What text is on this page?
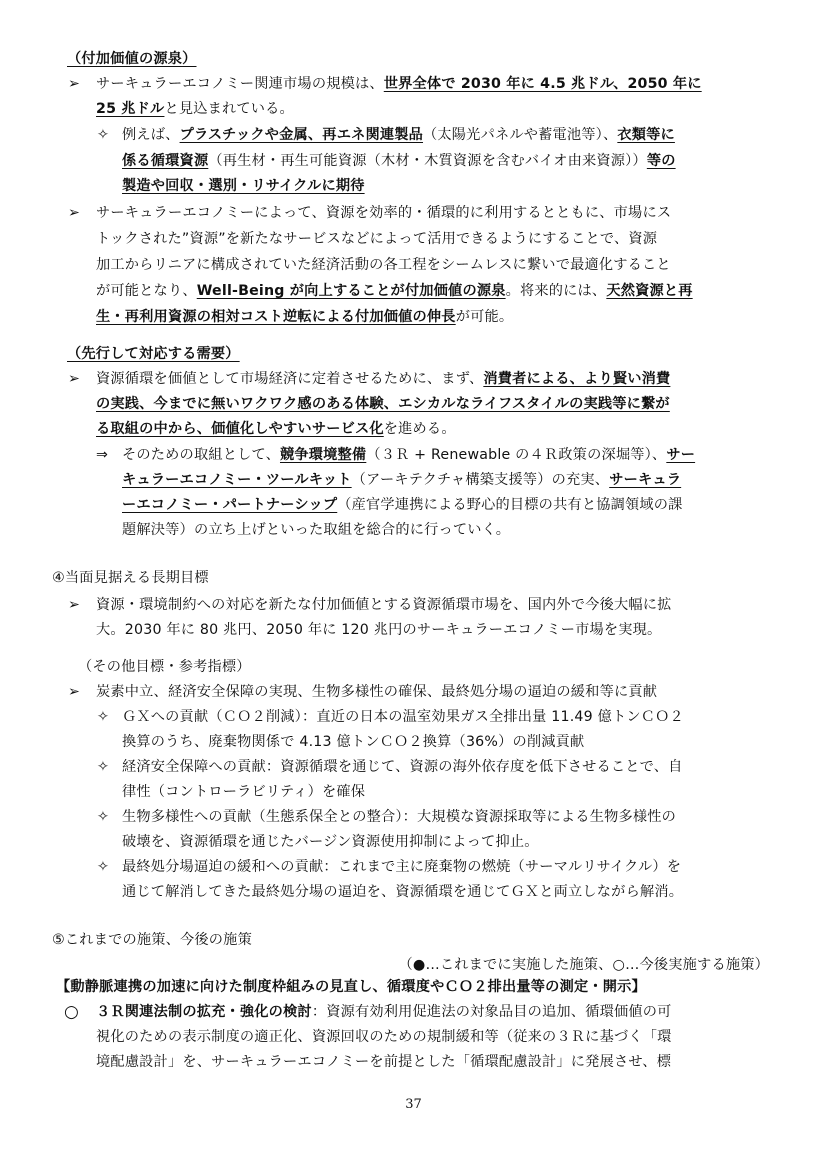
（付加価値の源泉）
➢ サーキュラーエコノミー関連市場の規模は、世界全体で 2030 年に 4.5 兆ドル、2050 年に
25 兆ドルと見込まれている。
✧ 例えば、プラスチックや金属、再エネ関連製品（太陽光パネルや蓄電池等）、衣類等に
係る循環資源（再生材・再生可能資源（木材・木質資源を含むバイオ由来資源））等の
製造や回収・選別・リサイクルに期待
➢ サーキュラーエコノミーによって、資源を効率的・循環的に利用するとともに、市場にス
トックされた”資源”を新たなサービスなどによって活用できるようにすることで、資源
加工からリニアに構成されていた経済活動の各工程をシームレスに繋いで最適化すること
が可能となり、Well-Being が向上することが付加価値の源泉。将来的には、天然資源と再
生・再利用資源の相対コスト逆転による付加価値の伸長が可能。
（先行して対応する需要）
➢ 資源循環を価値として市場経済に定着させるために、まず、消費者による、より賢い消費
の実践、今までに無いワクワク感のある体験、エシカルなライフスタイルの実践等に繋が
る取組の中から、価値化しやすいサービス化を進める。
⇒ そのための取組として、競争環境整備（３Ｒ + Renewable の４Ｒ政策の深堀等）、サー
キュラーエコノミー・ツールキット（アーキテクチャ構築支援等）の充実、サーキュラ
ーエコノミー・パートナーシップ（産官学連携による野心的目標の共有と協調領域の課
題解決等）の立ち上げといった取組を総合的に行っていく。
④当面見据える長期目標
➢ 資源・環境制約への対応を新たな付加価値とする資源循環市場を、国内外で今後大幅に拡
大。2030 年に 80 兆円、2050 年に 120 兆円のサーキュラーエコノミー市場を実現。
（その他目標・参考指標）
➢ 炭素中立、経済安全保障の実現、生物多様性の確保、最終処分場の逼迫の緩和等に貢献
✧ ＧＸへの貢献（ＣＯ２削減）：直近の日本の温室効果ガス全排出量 11.49 億トンＣＯ２
換算のうち、廃棄物関係で 4.13 億トンＣＯ２換算（36%）の削減貢献
✧ 経済安全保障への貢献：資源循環を通じて、資源の海外依存度を低下させることで、自
律性（コントローラビリティ）を確保
✧ 生物多様性への貢献（生態系保全との整合）：大規模な資源採取等による生物多様性の
破壊を、資源循環を通じたバージン資源使用抑制によって抑止。
✧ 最終処分場逼迫の緩和への貢献：これまで主に廃棄物の燃焼（サーマルリサイクル）を
通じて解消してきた最終処分場の逼迫を、資源循環を通じてＧＸと両立しながら解消。
⑤これまでの施策、今後の施策
（●…これまでに実施した施策、○…今後実施する施策）
【動静脈連携の加速に向けた制度枠組みの見直し、循環度やＣＯ２排出量等の測定・開示】
○ ３Ｒ関連法制の拡充・強化の検討：資源有効利用促進法の対象品目の追加、循環価値の可
視化のための表示制度の適正化、資源回収のための規制緩和等（従来の３Ｒに基づく「環
境配慮設計」を、サーキュラーエコノミーを前提とした「循環配慮設計」に発展させ、標
37
